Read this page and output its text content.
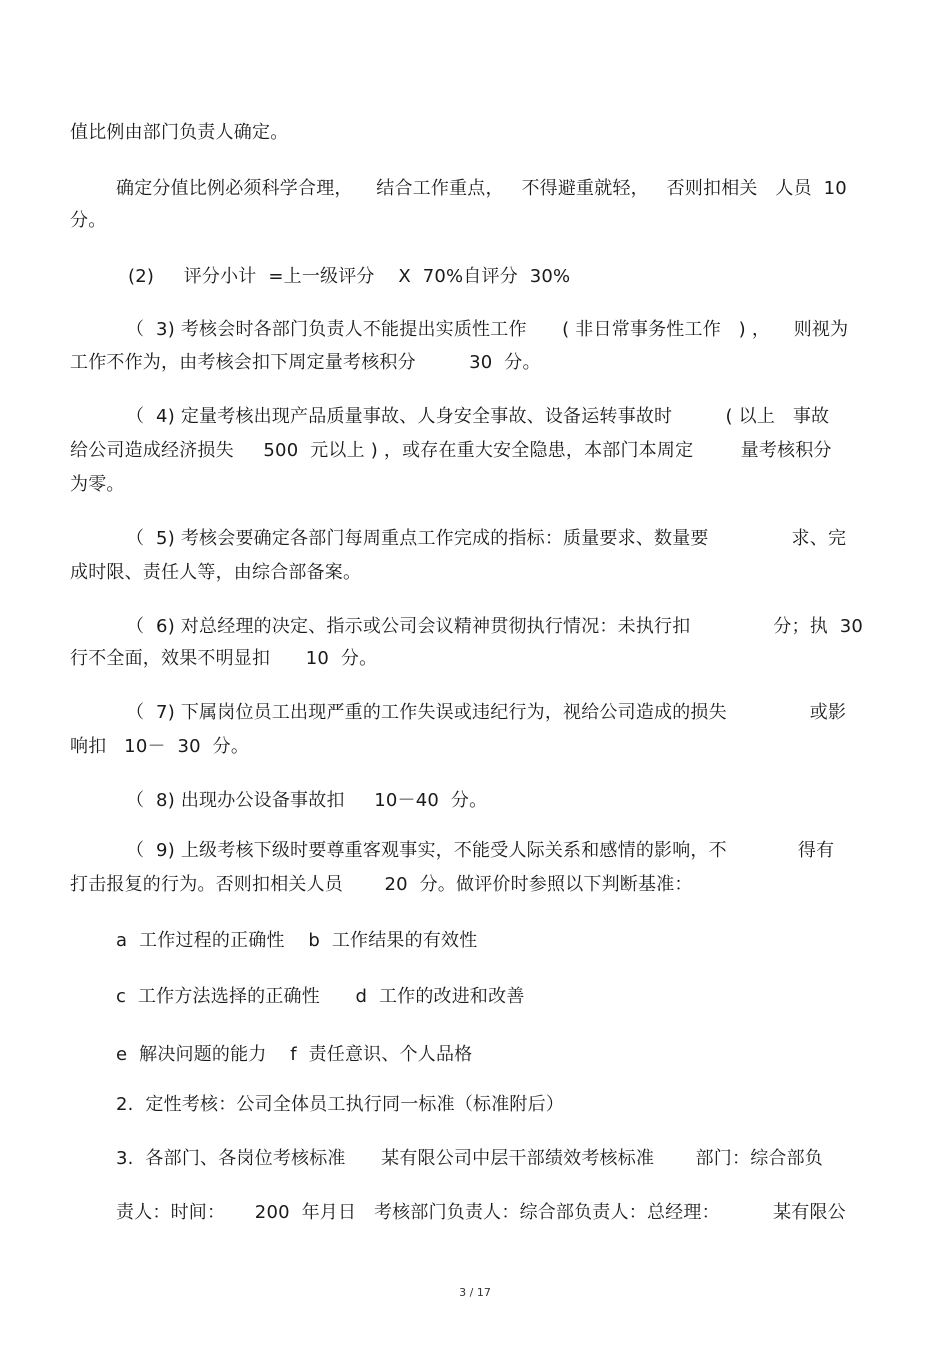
值比例由部门负责人确定。
确定分值比例必须科学合理，    结合工作重点，   不得避重就轻，   否则扣相关   人员  10
分。
(2)     评分小计  =上一级评分    X  70%自评分  30%
（  3) 考核会时各部门负责人不能提出实质性工作      ( 非日常事务性工作   ) ，    则视为
工作不作为，由考核会扣下周定量考核积分         30  分。
（  4) 定量考核出现产品质量事故、人身安全事故、设备运转事故时         ( 以上   事故
给公司造成经济损失     500  元以上 ) ，或存在重大安全隐患，本部门本周定        量考核积分
为零。
（  5) 考核会要确定各部门每周重点工作完成的指标：质量要求、数量要              求、完
成时限、责任人等，由综合部备案。
（  6) 对总经理的决定、指示或公司会议精神贯彻执行情况：未执行扣              分；执  30
行不全面，效果不明显扣      10  分。
（  7) 下属岗位员工出现严重的工作失误或违纪行为，视给公司造成的损失              或影
响扣   10－  30  分。
（  8) 出现办公设备事故扣     10－40  分。
（  9) 上级考核下级时要尊重客观事实，不能受人际关系和感情的影响，不            得有
打击报复的行为。否则扣相关人员       20  分。做评价时参照以下判断基准：
a  工作过程的正确性    b  工作结果的有效性
c  工作方法选择的正确性      d  工作的改进和改善
e  解决问题的能力    f  责任意识、个人品格
2.  定性考核：公司全体员工执行同一标准（标准附后）
3.  各部门、各岗位考核标准      某有限公司中层干部绩效考核标准       部门：综合部负
责人：时间：     200  年月日   考核部门负责人：综合部负责人：总经理：         某有限公
3 / 17
